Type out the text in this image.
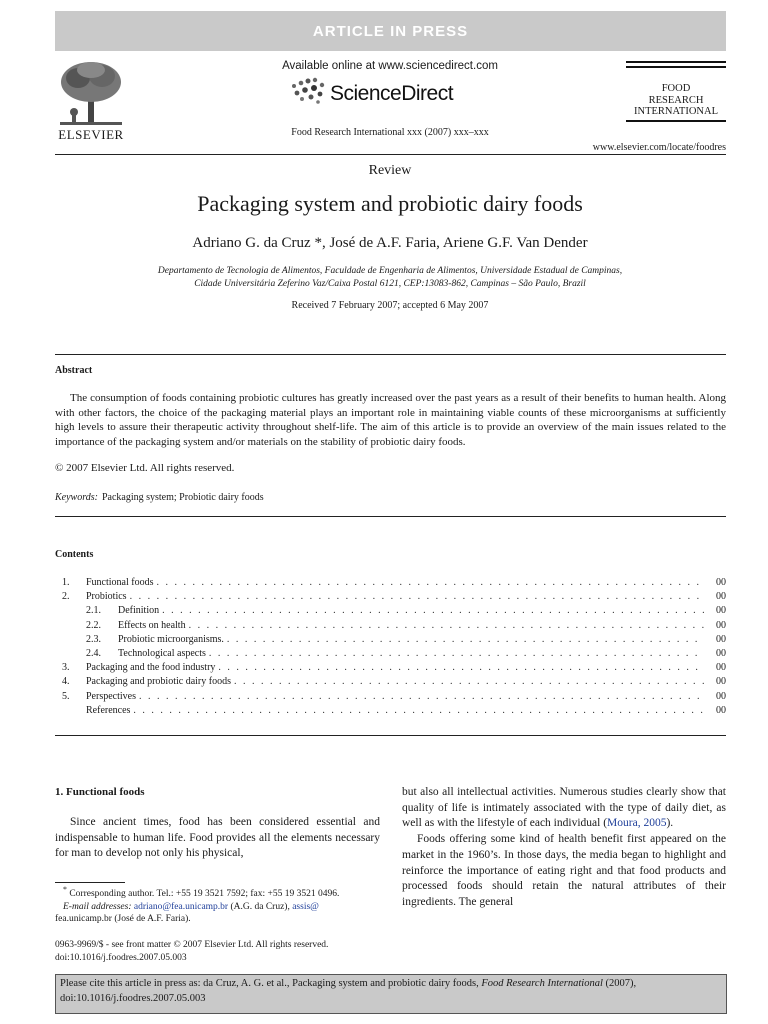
ARTICLE IN PRESS
ELSEVIER
Available online at www.sciencedirect.com
ScienceDirect
Food Research International xxx (2007) xxx–xxx
FOOD
RESEARCH
INTERNATIONAL
www.elsevier.com/locate/foodres
Review
Packaging system and probiotic dairy foods
Adriano G. da Cruz *, José de A.F. Faria, Ariene G.F. Van Dender
Departamento de Tecnologia de Alimentos, Faculdade de Engenharia de Alimentos, Universidade Estadual de Campinas,
Cidade Universitária Zeferino Vaz/Caixa Postal 6121, CEP:13083-862, Campinas – São Paulo, Brazil
Received 7 February 2007; accepted 6 May 2007
Abstract
The consumption of foods containing probiotic cultures has greatly increased over the past years as a result of their benefits to human health. Along with other factors, the choice of the packaging material plays an important role in maintaining viable counts of these microorganisms at sufficiently high levels to assure their therapeutic activity throughout shelf-life. The aim of this article is to provide an overview of the main issues related to the importance of the packaging system and/or materials on the stability of probiotic dairy foods.
© 2007 Elsevier Ltd. All rights reserved.
Keywords: Packaging system; Probiotic dairy foods
Contents
1.	Functional foods . . .	00
2.	Probiotics . . .	00
2.1.	Definition . . .	00
2.2.	Effects on health . . .	00
2.3.	Probiotic microorganisms. . . .	00
2.4.	Technological aspects . . .	00
3.	Packaging and the food industry . . .	00
4.	Packaging and probiotic dairy foods . . .	00
5.	Perspectives . . .	00
References . . .	00
1. Functional foods
Since ancient times, food has been considered essential and indispensable to human life. Food provides all the elements necessary for man to develop not only his physical,

but also all intellectual activities. Numerous studies clearly show that quality of life is intimately associated with the type of daily diet, as well as with the lifestyle of each individual (Moura, 2005).

Foods offering some kind of health benefit first appeared on the market in the 1960’s. In those days, the media began to highlight and reinforce the importance of eating right and that food products and processed foods should retain the natural attributes of their ingredients. The general

* Corresponding author. Tel.: +55 19 3521 7592; fax: +55 19 3521 0496.
E-mail addresses: adriano@fea.unicamp.br (A.G. da Cruz), assis@
fea.unicamp.br (José de A.F. Faria).
0963-9969/$ - see front matter © 2007 Elsevier Ltd. All rights reserved.
doi:10.1016/j.foodres.2007.05.003
Please cite this article in press as: da Cruz, A. G. et al., Packaging system and probiotic dairy foods, Food Research International (2007), doi:10.1016/j.foodres.2007.05.003
